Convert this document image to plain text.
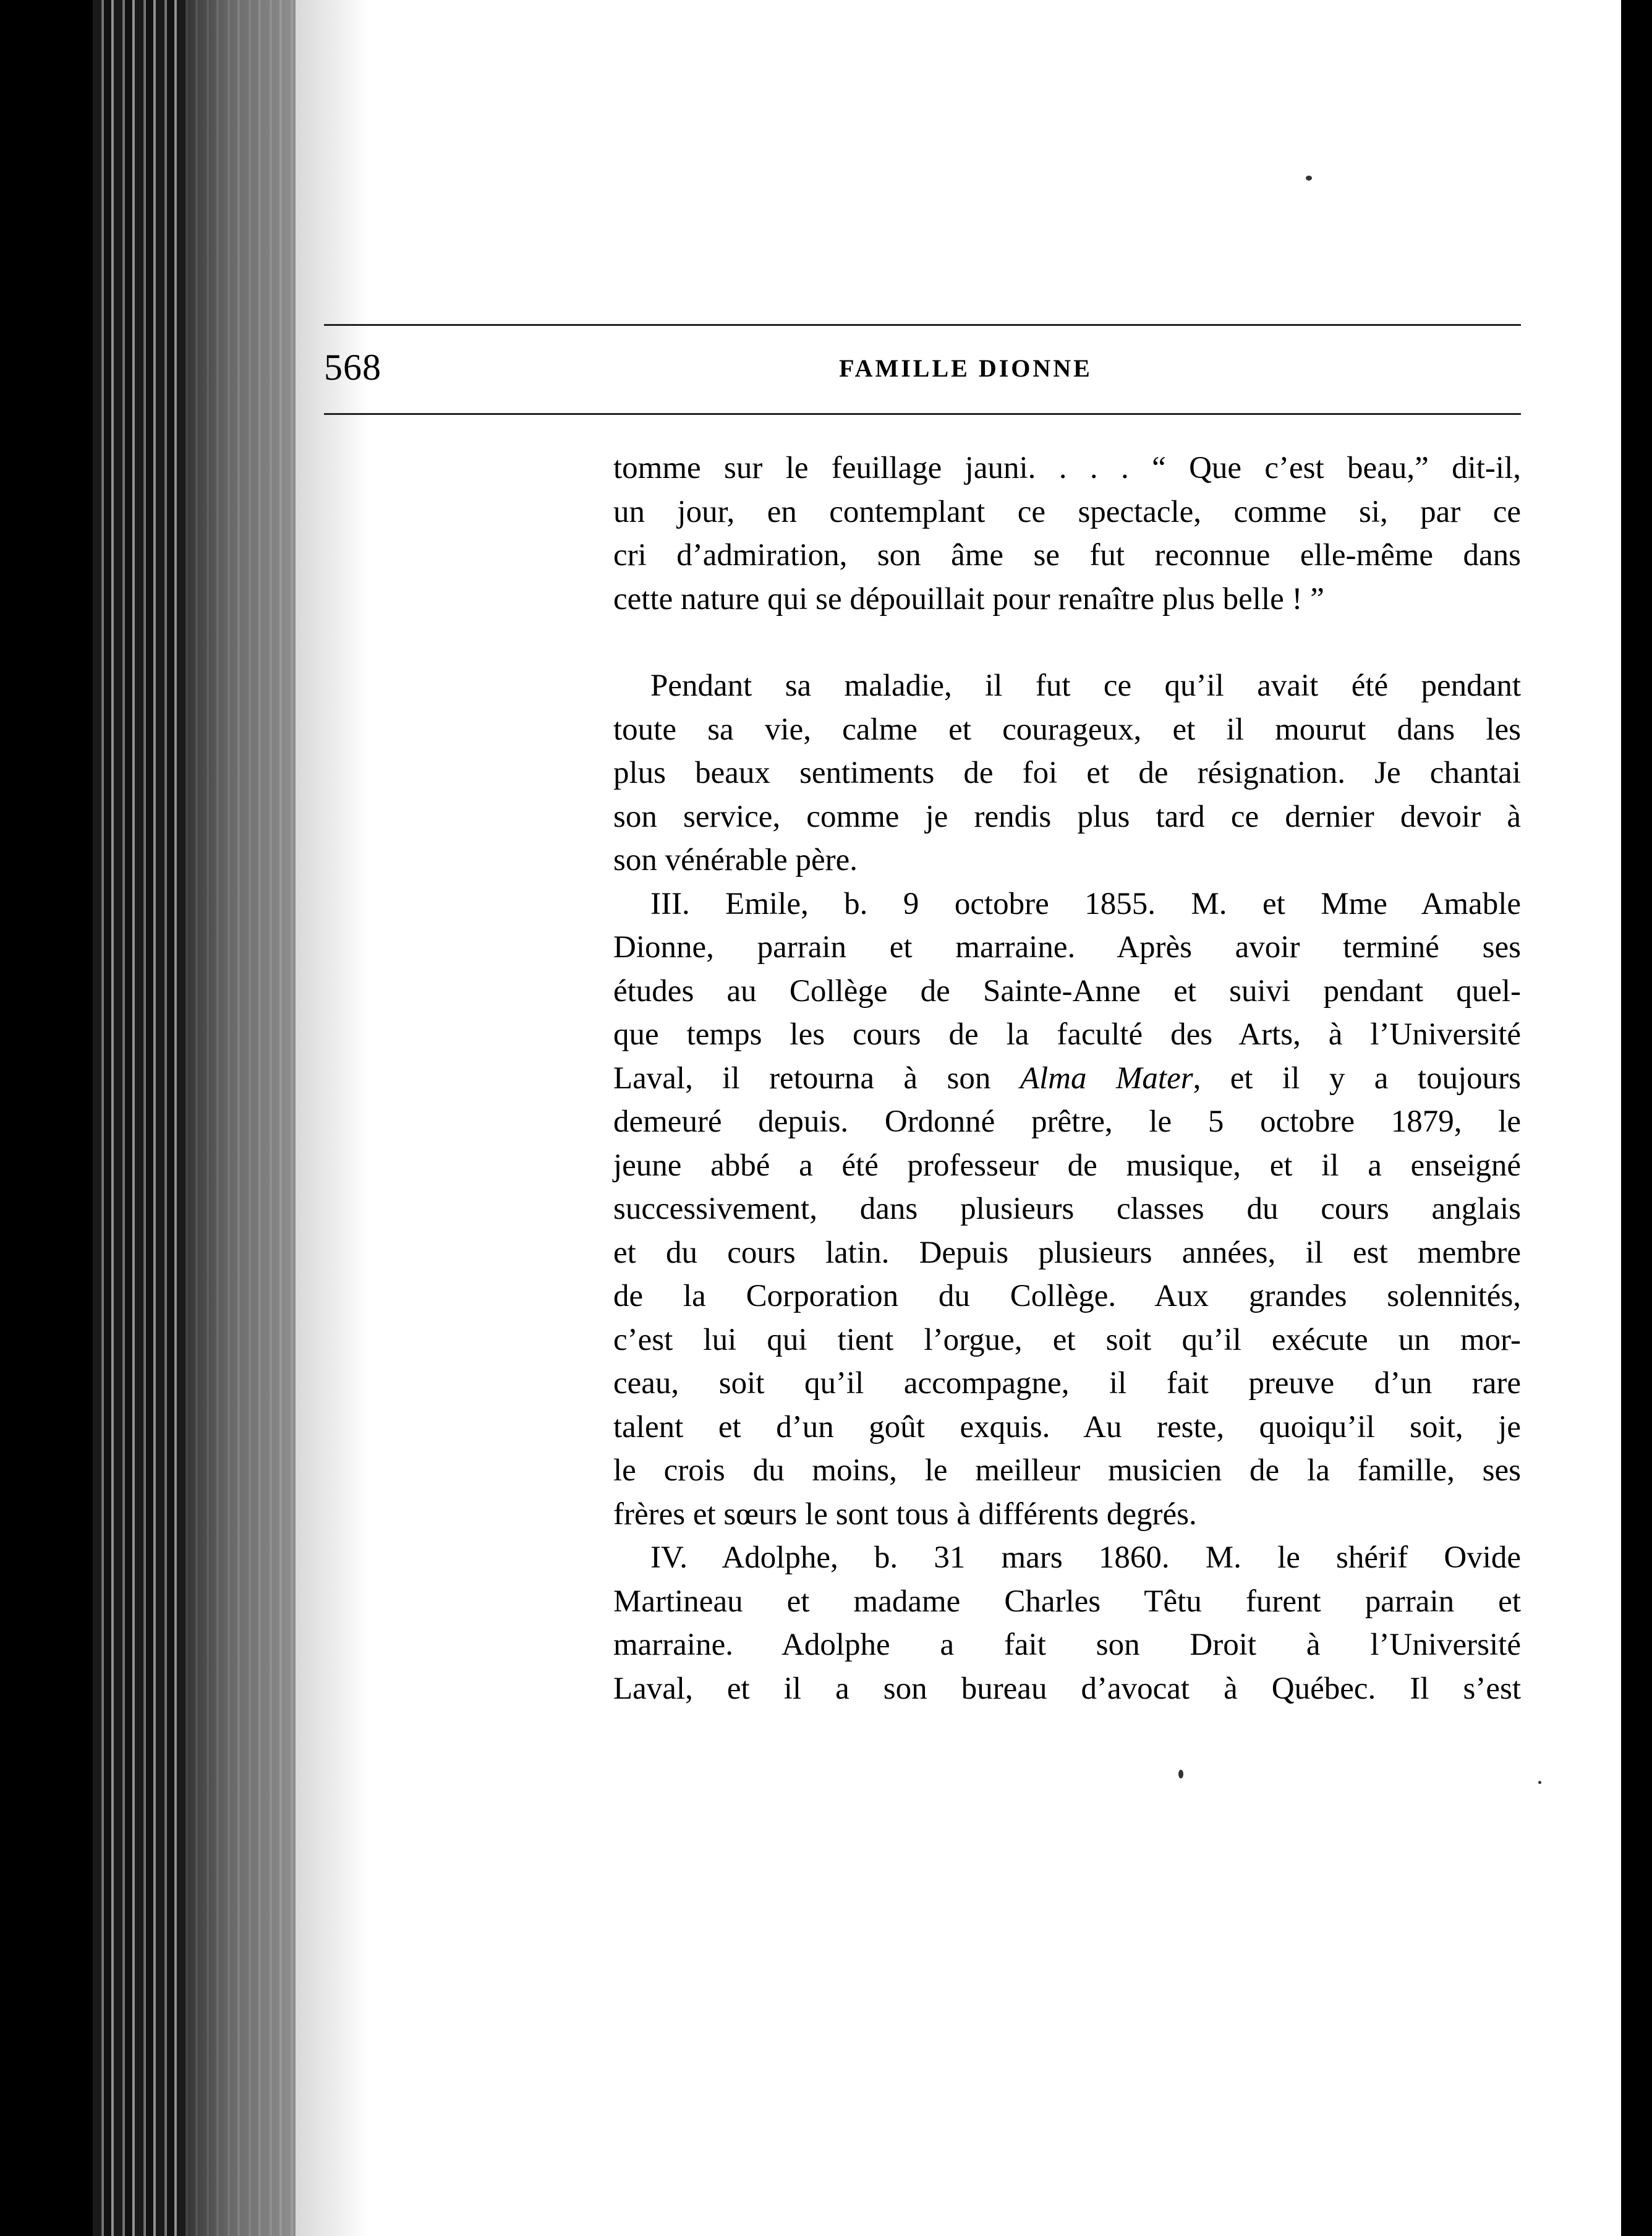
568	FAMILLE DIONNE

tomme sur le feuillage jauni. . . . “ Que c’est beau,” dit-il,
un jour, en contemplant ce spectacle, comme si, par ce
cri d’admiration, son âme se fut reconnue elle-même dans
cette nature qui se dépouillait pour renaître plus belle ! ”

Pendant sa maladie, il fut ce qu’il avait été pendant
toute sa vie, calme et courageux, et il mourut dans les
plus beaux sentiments de foi et de résignation. Je chantai
son service, comme je rendis plus tard ce dernier devoir à
son vénérable père.

III. Emile, b. 9 octobre 1855. M. et Mme Amable
Dionne, parrain et marraine. Après avoir terminé ses
études au Collège de Sainte-Anne et suivi pendant quel-
que temps les cours de la faculté des Arts, à l’Université
Laval, il retourna à son Alma Mater, et il y a toujours
demeuré depuis. Ordonné prêtre, le 5 octobre 1879, le
jeune abbé a été professeur de musique, et il a enseigné
successivement, dans plusieurs classes du cours anglais
et du cours latin. Depuis plusieurs années, il est membre
de la Corporation du Collège. Aux grandes solennités,
c’est lui qui tient l’orgue, et soit qu’il exécute un mor-
ceau, soit qu’il accompagne, il fait preuve d’un rare
talent et d’un goût exquis. Au reste, quoiqu’il soit, je
le crois du moins, le meilleur musicien de la famille, ses
frères et sœurs le sont tous à différents degrés.

IV. Adolphe, b. 31 mars 1860. M. le shérif Ovide
Martineau et madame Charles Têtu furent parrain et
marraine. Adolphe a fait son Droit à l’Université
Laval, et il a son bureau d’avocat à Québec. Il s’est
